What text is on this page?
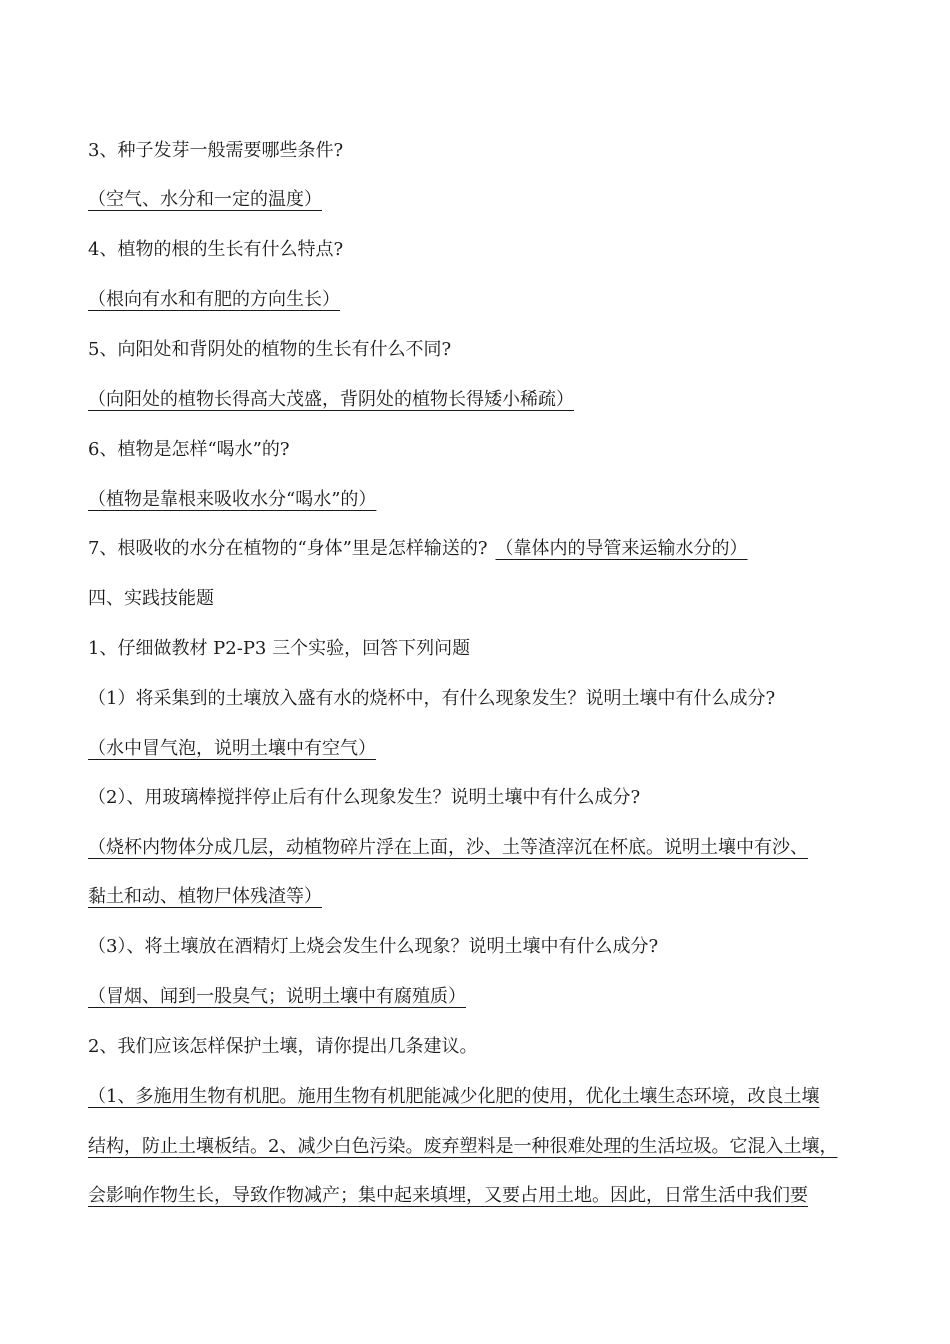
3、种子发芽一般需要哪些条件?
（空气、水分和一定的温度）
4、植物的根的生长有什么特点?
（根向有水和有肥的方向生长）
5、向阳处和背阴处的植物的生长有什么不同?
（向阳处的植物长得高大茂盛，背阴处的植物长得矮小稀疏）
6、植物是怎样“喝水”的?
（植物是靠根来吸收水分“喝水”的）
7、根吸收的水分在植物的“身体”里是怎样输送的? （靠体内的导管来运输水分的）
四、实践技能题
1、仔细做教材 P2-P3 三个实验，回答下列问题
（1）将采集到的土壤放入盛有水的烧杯中，有什么现象发生？说明土壤中有什么成分?
（水中冒气泡，说明土壤中有空气）
（2）、用玻璃棒搅拌停止后有什么现象发生？说明土壤中有什么成分?
（烧杯内物体分成几层，动植物碎片浮在上面，沙、土等渣滓沉在杯底。说明土壤中有沙、
黏土和动、植物尸体残渣等）
（3）、将土壤放在酒精灯上烧会发生什么现象？说明土壤中有什么成分?
（冒烟、闻到一股臭气；说明土壤中有腐殖质）
2、我们应该怎样保护土壤，请你提出几条建议。
（1、多施用生物有机肥。施用生物有机肥能减少化肥的使用，优化土壤生态环境，改良土壤
结构，防止土壤板结。2、减少白色污染。废弃塑料是一种很难处理的生活垃圾。它混入土壤，
会影响作物生长，导致作物减产；集中起来填埋，又要占用土地。因此，日常生活中我们要
